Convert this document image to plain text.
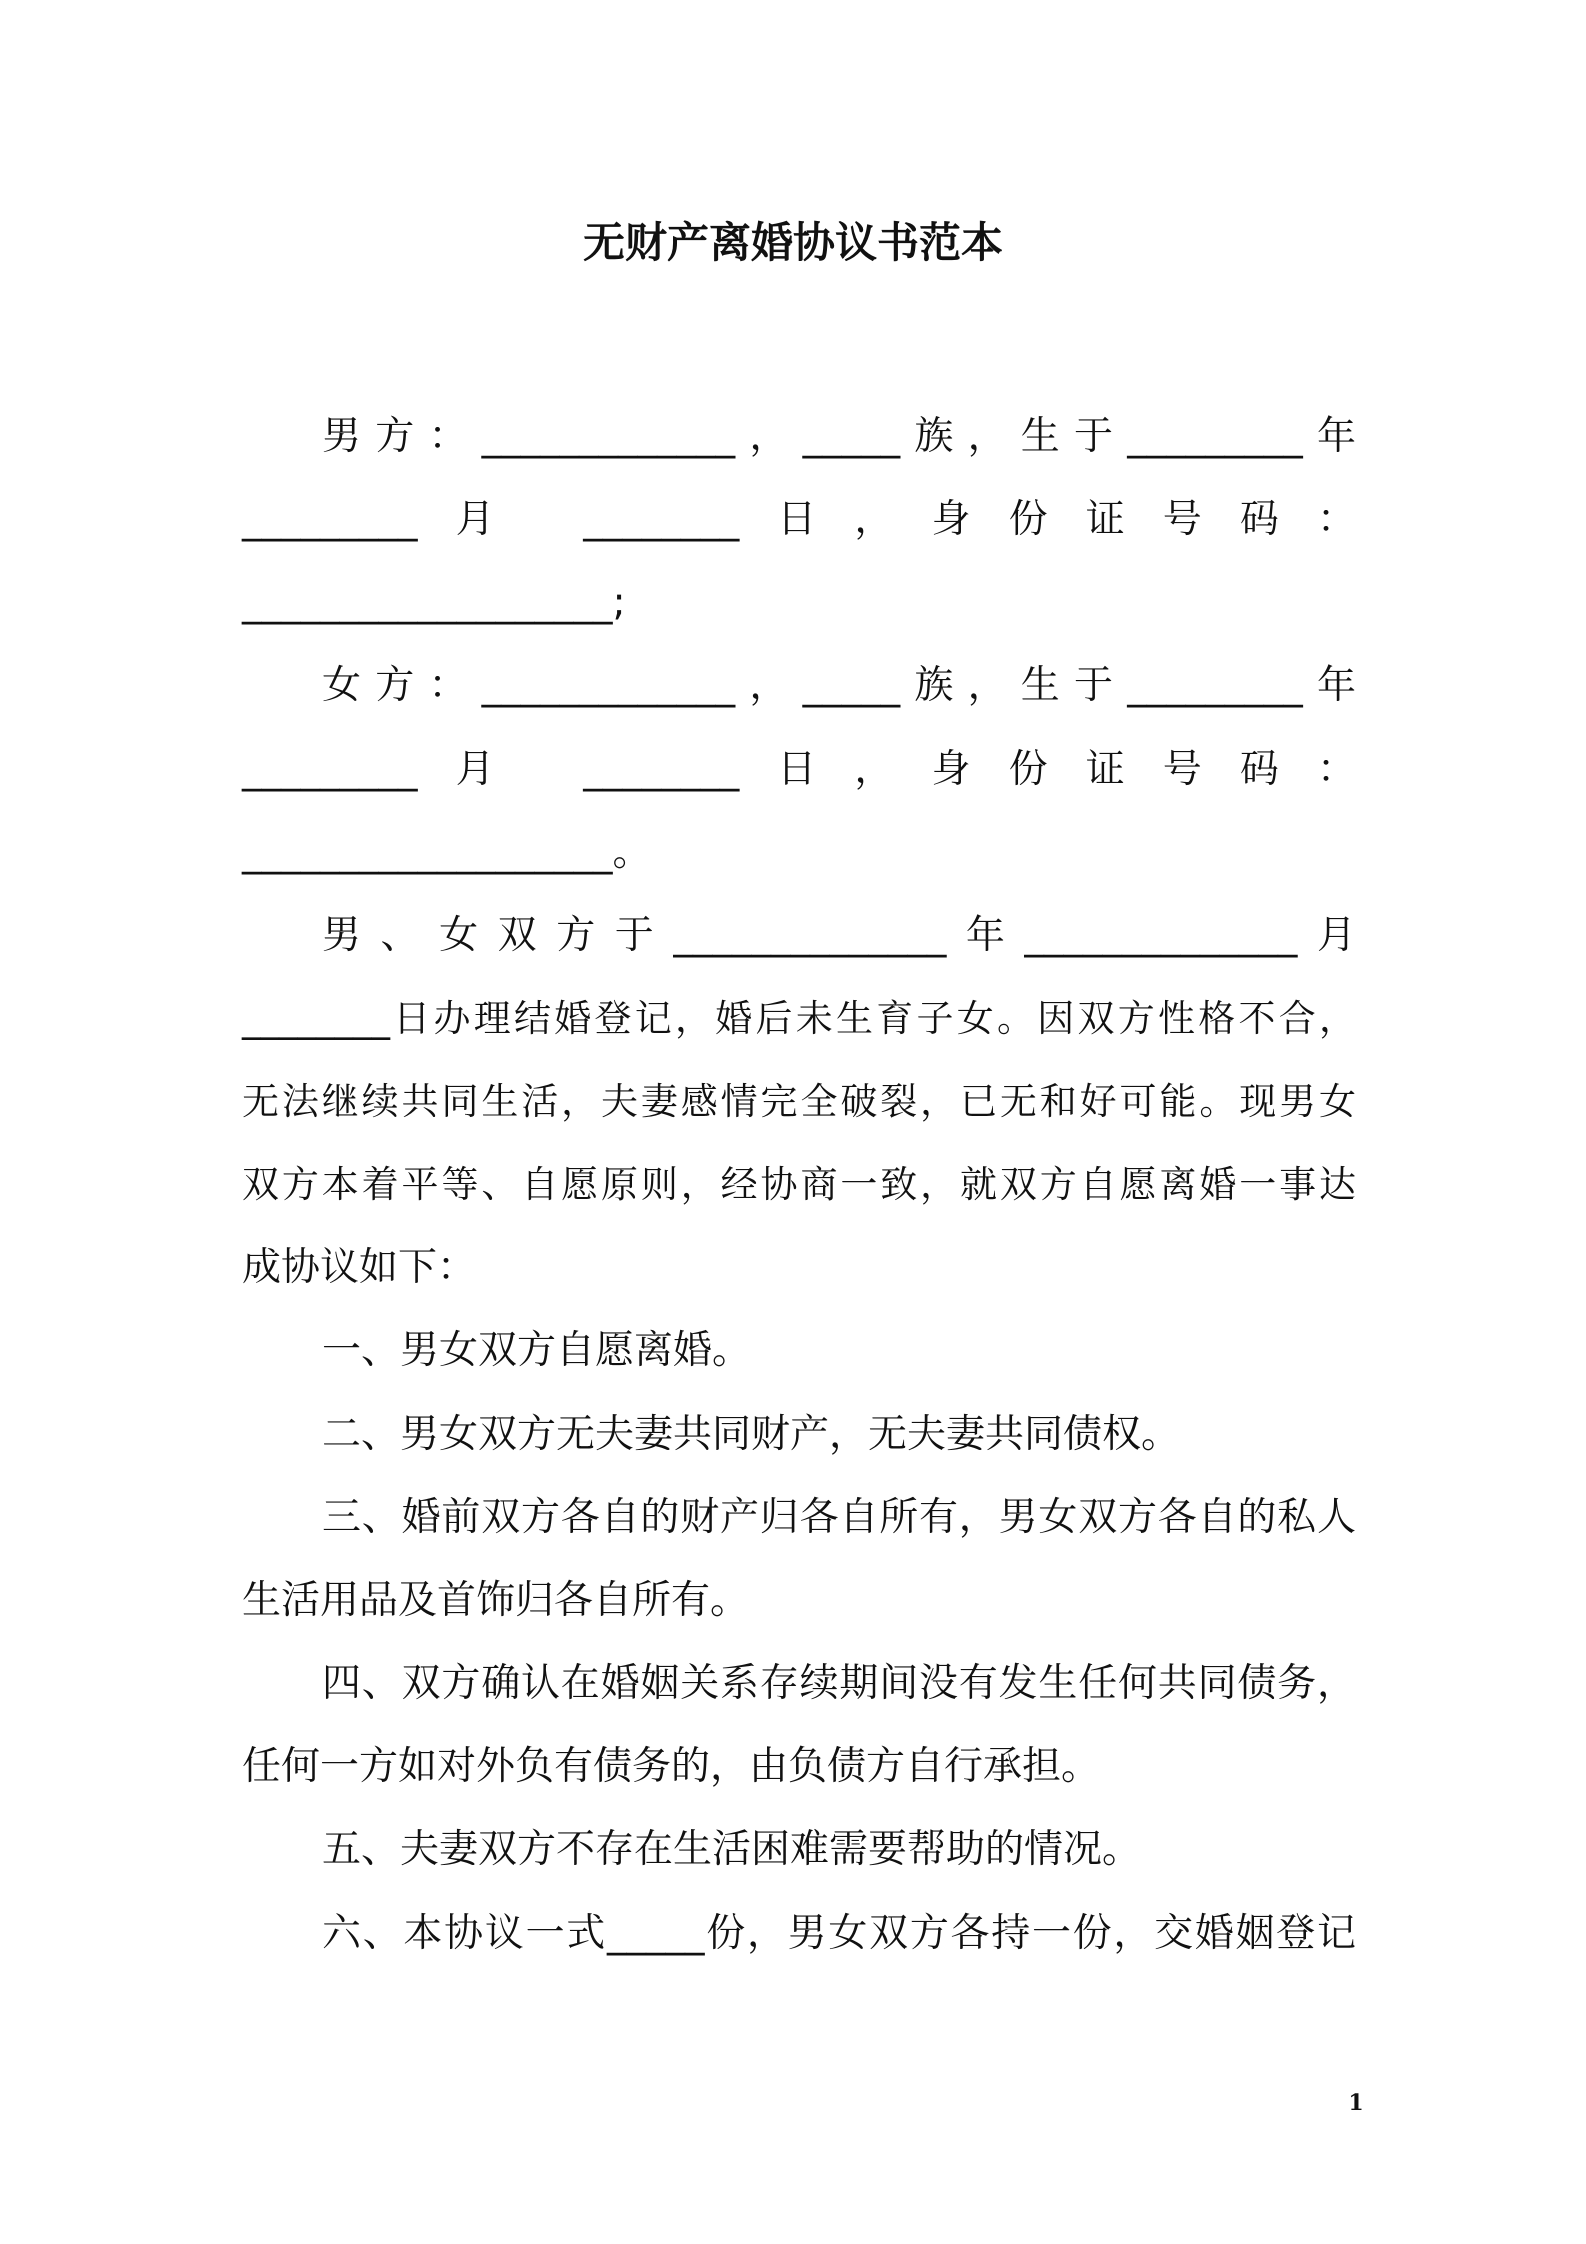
无财产离婚协议书范本

男方：_____________，_____族，生于_________年

_________月 ________日，身份证号码：

___________________;

女方：_____________，_____族，生于_________年

_________月 ________日，身份证号码：

___________________。

男、女双方于______________年______________月

________日办理结婚登记，婚后未生育子女。因双方性格不合，

无法继续共同生活，夫妻感情完全破裂，已无和好可能。现男女

双方本着平等、自愿原则，经协商一致，就双方自愿离婚一事达

成协议如下：

一、男女双方自愿离婚。

二、男女双方无夫妻共同财产，无夫妻共同债权。

三、婚前双方各自的财产归各自所有，男女双方各自的私人

生活用品及首饰归各自所有。

四、双方确认在婚姻关系存续期间没有发生任何共同债务，

任何一方如对外负有债务的，由负债方自行承担。

五、夫妻双方不存在生活困难需要帮助的情况。

六、本协议一式_____份，男女双方各持一份，交婚姻登记

1
